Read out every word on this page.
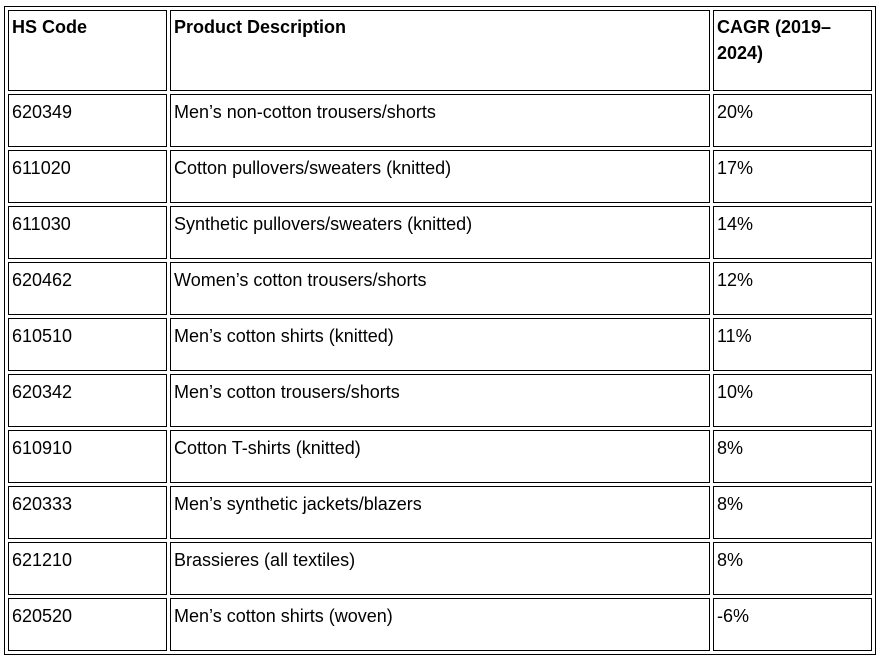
HS Code	Product Description	CAGR (2019–2024)
620349	Men’s non-cotton trousers/shorts	20%
611020	Cotton pullovers/sweaters (knitted)	17%
611030	Synthetic pullovers/sweaters (knitted)	14%
620462	Women’s cotton trousers/shorts	12%
610510	Men’s cotton shirts (knitted)	11%
620342	Men’s cotton trousers/shorts	10%
610910	Cotton T-shirts (knitted)	8%
620333	Men’s synthetic jackets/blazers	8%
621210	Brassieres (all textiles)	8%
620520	Men’s cotton shirts (woven)	-6%
